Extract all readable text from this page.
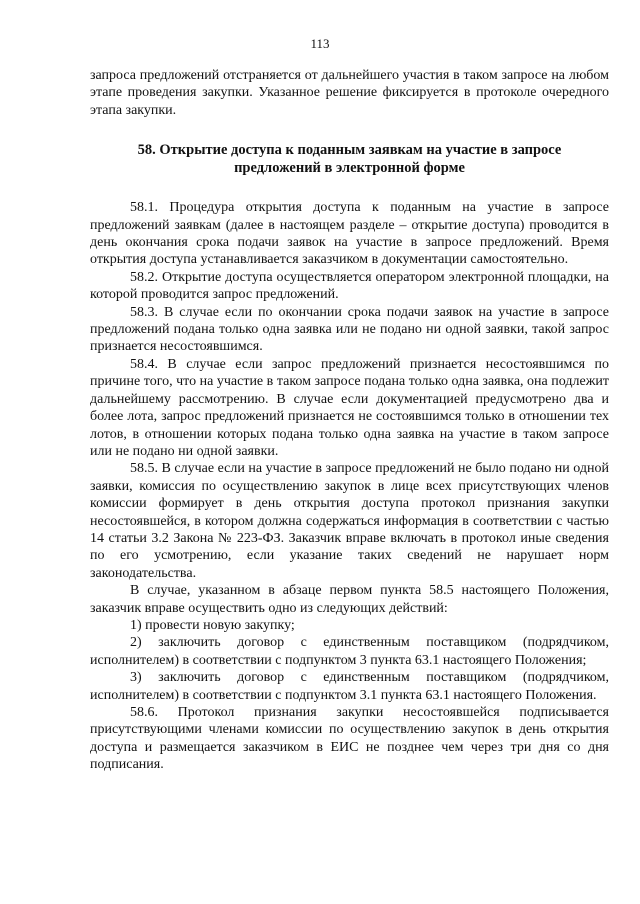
113

запроса предложений отстраняется от дальнейшего участия в таком запросе на любом этапе проведения закупки. Указанное решение фиксируется в протоколе очередного этапа закупки.

58. Открытие доступа к поданным заявкам на участие в запросе предложений в электронной форме

58.1. Процедура открытия доступа к поданным на участие в запросе предложений заявкам (далее в настоящем разделе – открытие доступа) проводится в день окончания срока подачи заявок на участие в запросе предложений. Время открытия доступа устанавливается заказчиком в документации самостоятельно.

58.2. Открытие доступа осуществляется оператором электронной площадки, на которой проводится запрос предложений.

58.3. В случае если по окончании срока подачи заявок на участие в запросе предложений подана только одна заявка или не подано ни одной заявки, такой запрос признается несостоявшимся.

58.4. В случае если запрос предложений признается несостоявшимся по причине того, что на участие в таком запросе подана только одна заявка, она подлежит дальнейшему рассмотрению. В случае если документацией предусмотрено два и более лота, запрос предложений признается не состоявшимся только в отношении тех лотов, в отношении которых подана только одна заявка на участие в таком запросе или не подано ни одной заявки.

58.5. В случае если на участие в запросе предложений не было подано ни одной заявки, комиссия по осуществлению закупок в лице всех присутствующих членов комиссии формирует в день открытия доступа протокол признания закупки несостоявшейся, в котором должна содержаться информация в соответствии с частью 14 статьи 3.2 Закона № 223-ФЗ. Заказчик вправе включать в протокол иные сведения по его усмотрению, если указание таких сведений не нарушает норм законодательства.

В случае, указанном в абзаце первом пункта 58.5 настоящего Положения, заказчик вправе осуществить одно из следующих действий:

1) провести новую закупку;

2) заключить договор с единственным поставщиком (подрядчиком, исполнителем) в соответствии с подпунктом 3 пункта 63.1 настоящего Положения;

3) заключить договор с единственным поставщиком (подрядчиком, исполнителем) в соответствии с подпунктом 3.1 пункта 63.1 настоящего Положения.

58.6. Протокол признания закупки несостоявшейся подписывается присутствующими членами комиссии по осуществлению закупок в день открытия доступа и размещается заказчиком в ЕИС не позднее чем через три дня со дня подписания.
